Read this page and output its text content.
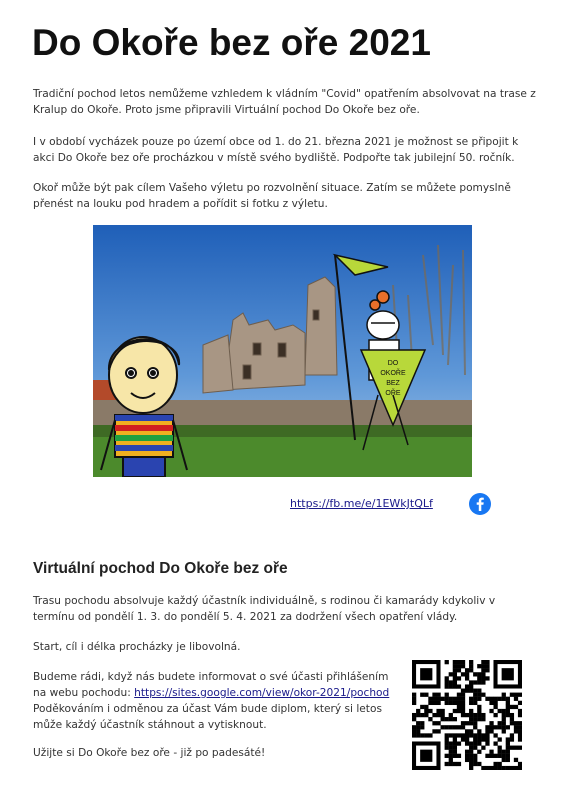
Do Okoře bez oře 2021

Tradiční pochod letos nemůžeme vzhledem k vládním "Covid" opatřením absolvovat na trase z Kralup do Okoře. Proto jsme připravili Virtuální pochod Do Okoře bez oře.

I v období vycházek pouze po území obce od 1. do 21. března 2021 je možnost se připojit k akci Do Okoře bez oře procházkou v místě svého bydliště. Podpořte tak jubilejní 50. ročník.

Okoř může být pak cílem Vašeho výletu po rozvolnění situace. Zatím se můžete pomyslně přenést na louku pod hradem a pořídit si fotku z výletu.

DO
OKOŘE
BEZ
OŘE
https://fb.me/e/1EWkJtQLf
Virtuální pochod Do Okoře bez oře

Trasu pochodu absolvuje každý účastník individuálně, s rodinou či kamarády kdykoliv v termínu od pondělí 1. 3. do pondělí 5. 4. 2021 za dodržení všech opatření vlády.

Start, cíl i délka procházky je libovolná.

Budeme rádi, když nás budete informovat o své účasti přihlášením na webu pochodu: https://sites.google.com/view/okor-2021/pochod
Poděkováním i odměnou za účast Vám bude diplom, který si letos může každý účastník stáhnout a vytisknout.

Užijte si Do Okoře bez oře - již po padesáté!
